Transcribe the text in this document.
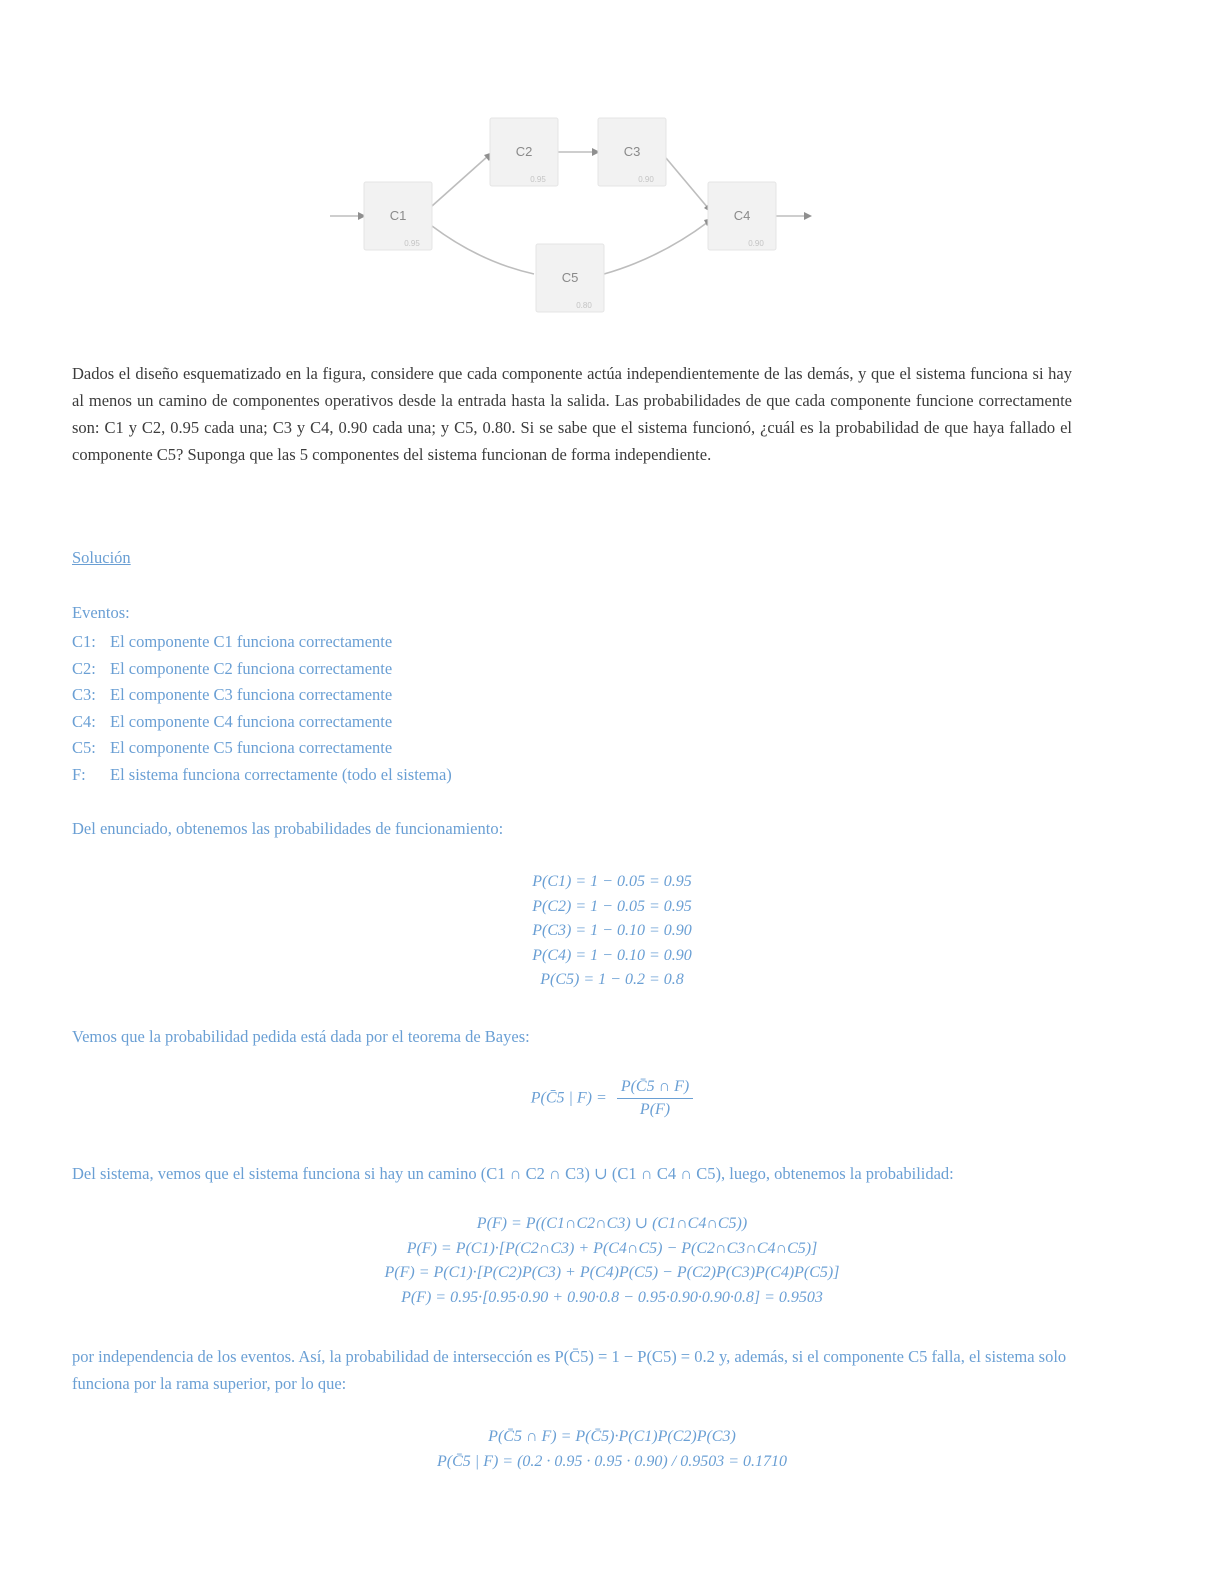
C1
0.95
C2
0.95
C3
0.90
C4
0.90
C5
0.80

Dados el diseño esquematizado en la figura, considere que cada componente actúa independientemente de las demás, y que el sistema funciona si hay al menos un camino de componentes operativos desde la entrada hasta la salida. Las probabilidades de que cada componente funcione correctamente son: C1 y C2, 0.95 cada una; C3 y C4, 0.90 cada una; y C5, 0.80. Si se sabe que el sistema funcionó, ¿cuál es la probabilidad de que haya fallado el componente C5? Suponga que las 5 componentes del sistema funcionan de forma independiente.

Solución

Eventos:

C1: El componente C1 funciona correctamente
C2: El componente C2 funciona correctamente
C3: El componente C3 funciona correctamente
C4: El componente C4 funciona correctamente
C5: El componente C5 funciona correctamente
F: El sistema funciona correctamente (todo el sistema)

Del enunciado, obtenemos las probabilidades de funcionamiento:

P(C1) = 1 − 0.05 = 0.95
P(C2) = 1 − 0.05 = 0.95
P(C3) = 1 − 0.10 = 0.90
P(C4) = 1 − 0.10 = 0.90
P(C5) = 1 − 0.2 = 0.8

Vemos que la probabilidad pedida está dada por el teorema de Bayes:

P(C̄5 | $F) = \frac{P(C̄5 \cap F)}{P(F)}$

Del sistema, vemos que el sistema funciona si hay un camino (C1 ∩ C2 ∩ C3) ∪ (C1 ∩ C4 ∩ C5), luego, obtenemos la probabilidad:

P(F) = P((C1∩C2∩C3) ∪ (C1∩C4∩C5))
P(F) = P(C1)·[P(C2∩C3) + P(C4∩C5) − P(C2∩C3∩C4∩C5)]
P(F) = P(C1)·[P(C2)P(C3) + P(C4)P(C5) − P(C2)P(C3)P(C4)P(C5)]
P(F) = 0.95·[0.95·0.90 + 0.90·0.8 − 0.95·0.90·0.90·0.8] = 0.9503

por independencia de los eventos. Así, la probabilidad de intersección es P(C̄5) = 1 − P(C5) = 0.2 y, además, si el componente C5 falla, el sistema solo funciona por la rama superior, por lo que:

P(C̄5 ∩ F) = P(C̄5)·P(C1)P(C2)P(C3)
P(C̄5 | F) = (0.2 · 0.95 · 0.95 · 0.90) / 0.9503 = 0.1710
